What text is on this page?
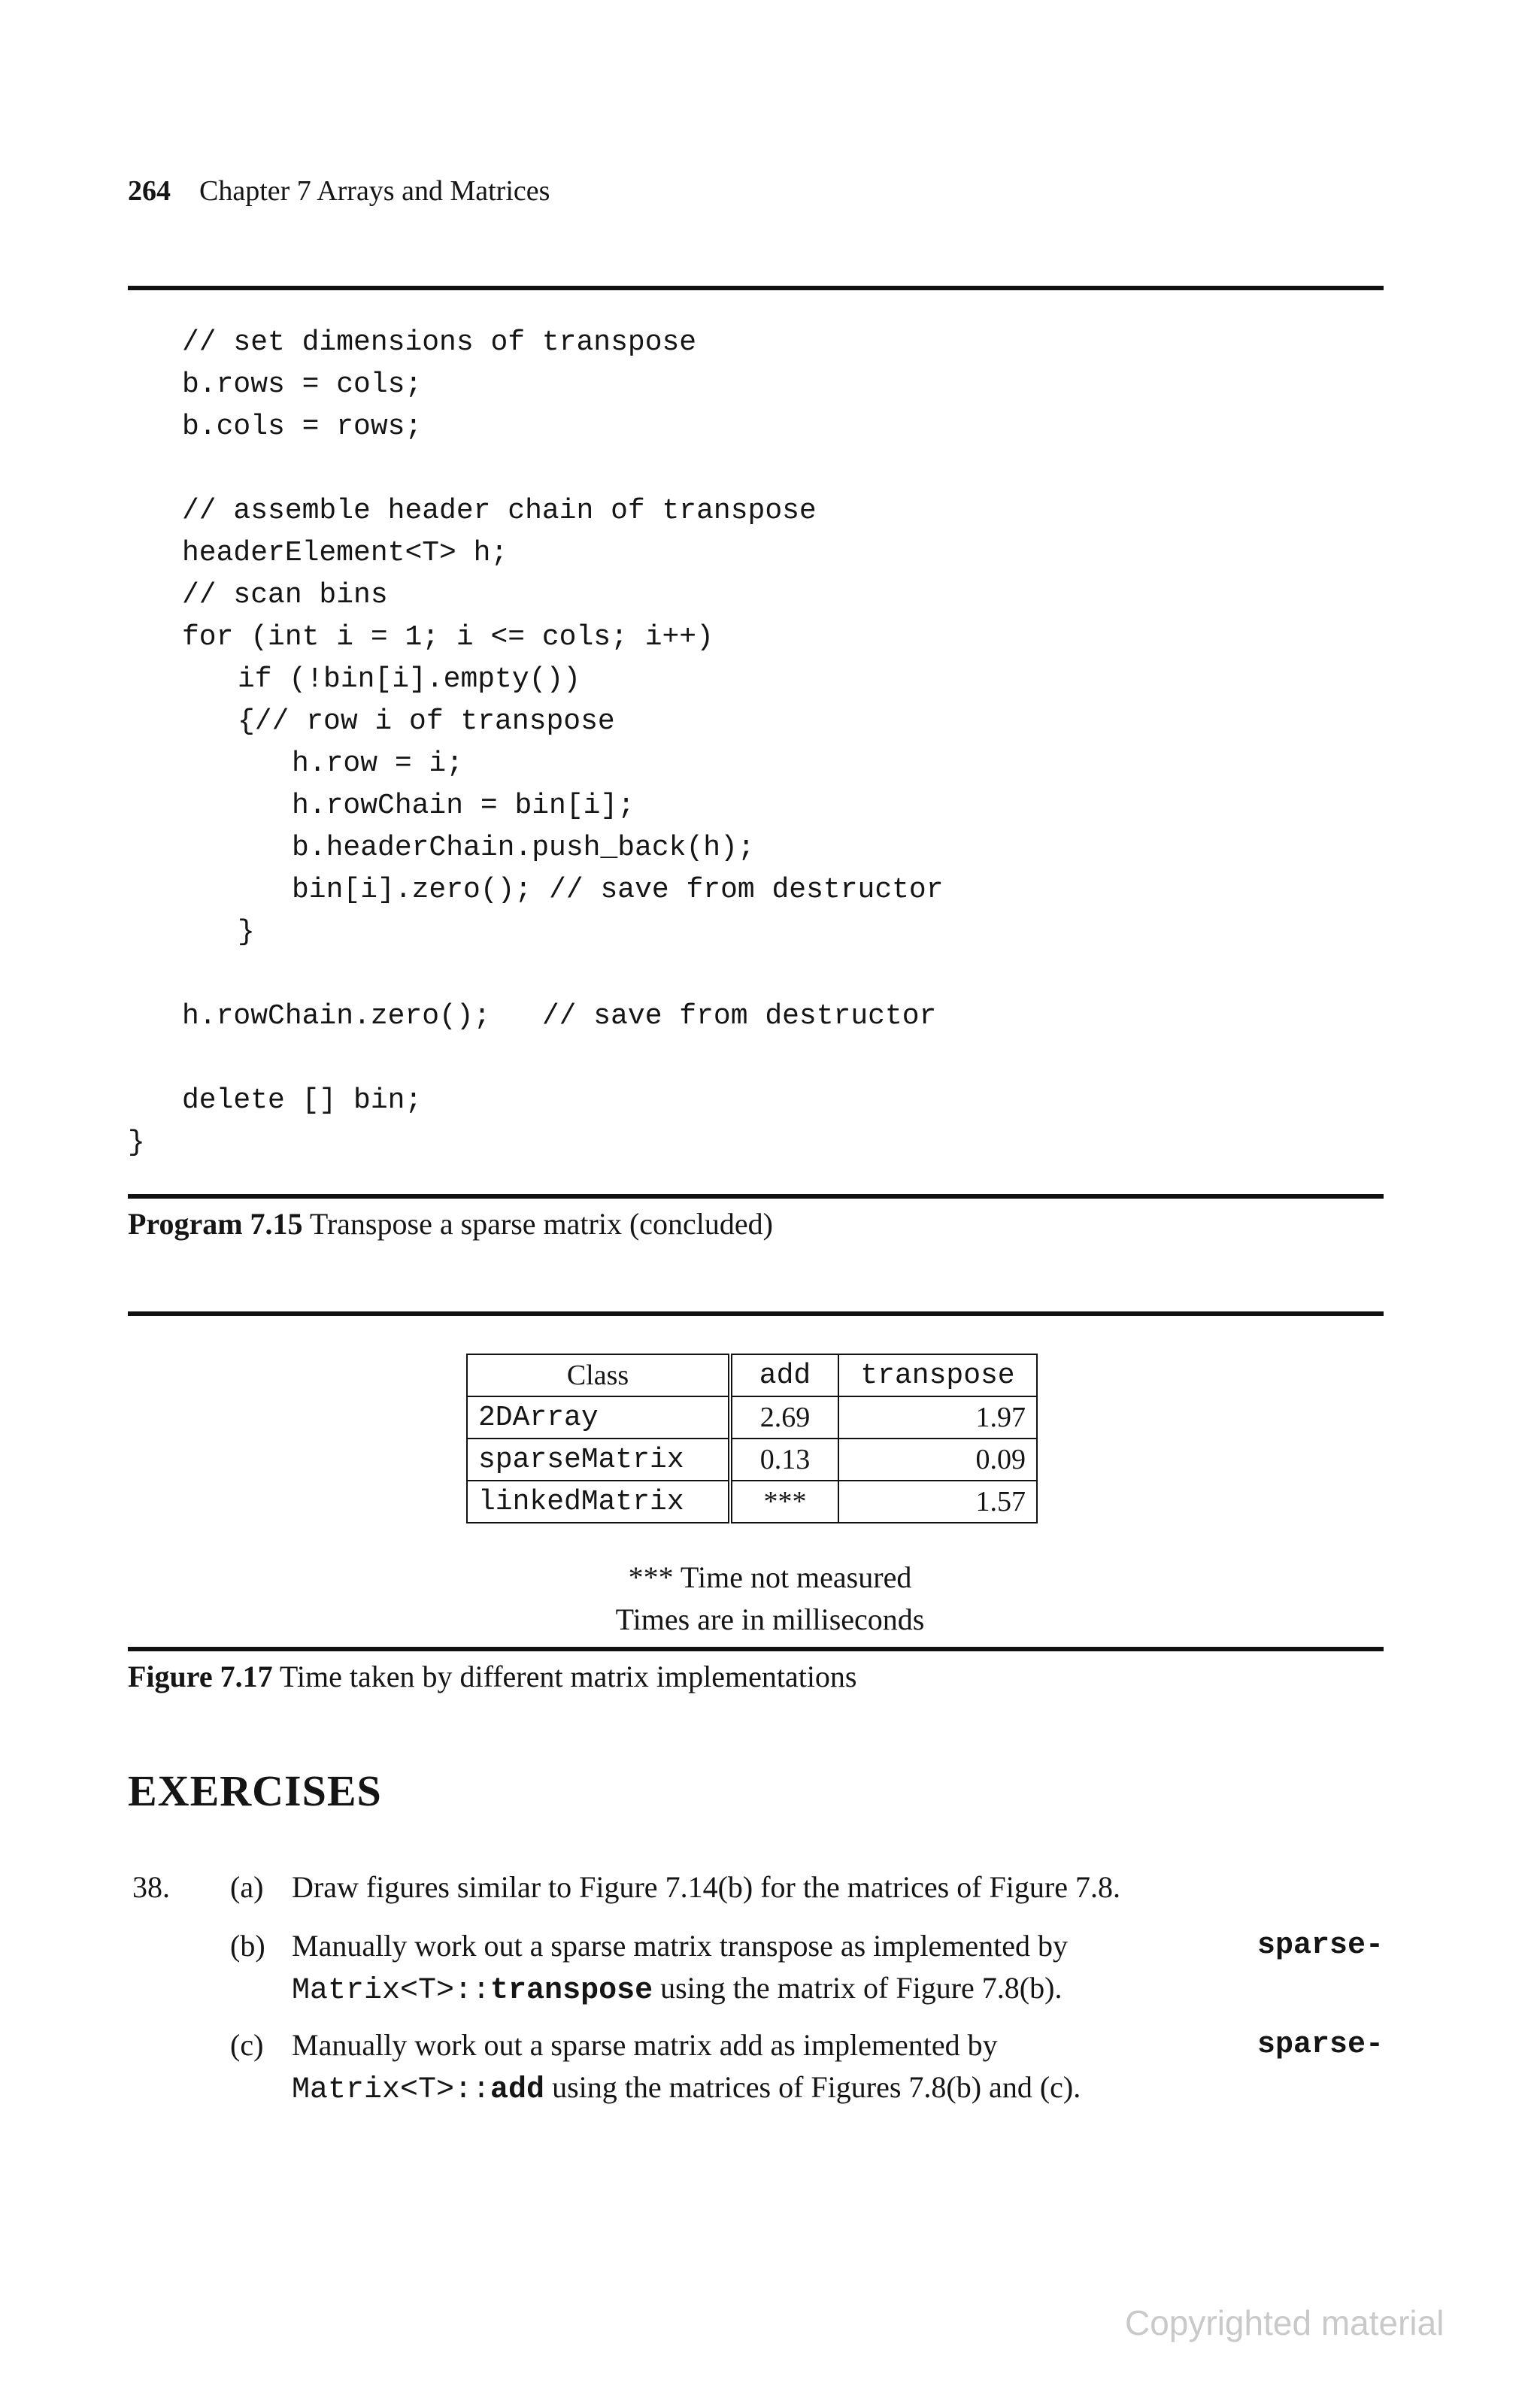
264 Chapter 7 Arrays and Matrices
// set dimensions of transpose
b.rows = cols;
b.cols = rows;
// assemble header chain of transpose
headerElement<T> h;
// scan bins
for (int i = 1; i <= cols; i++)
if (!bin[i].empty())
{// row i of transpose
h.row = i;
h.rowChain = bin[i];
b.headerChain.push_back(h);
bin[i].zero(); // save from destructor
}
h.rowChain.zero();   // save from destructor
delete [] bin;
}
Program 7.15 Transpose a sparse matrix (concluded)
Class	add	transpose
2DArray	2.69	1.97
sparseMatrix	0.13	0.09
linkedMatrix	***	1.57
*** Time not measured
Times are in milliseconds
Figure 7.17 Time taken by different matrix implementations
EXERCISES
38. (a) Draw figures similar to Figure 7.14(b) for the matrices of Figure 7.8.
(b) Manually work out a sparse matrix transpose as implemented by	sparse-
Matrix<T>::transpose using the matrix of Figure 7.8(b).
(c) Manually work out a sparse matrix add as implemented by	sparse-
Matrix<T>::add using the matrices of Figures 7.8(b) and (c).
Copyrighted material
